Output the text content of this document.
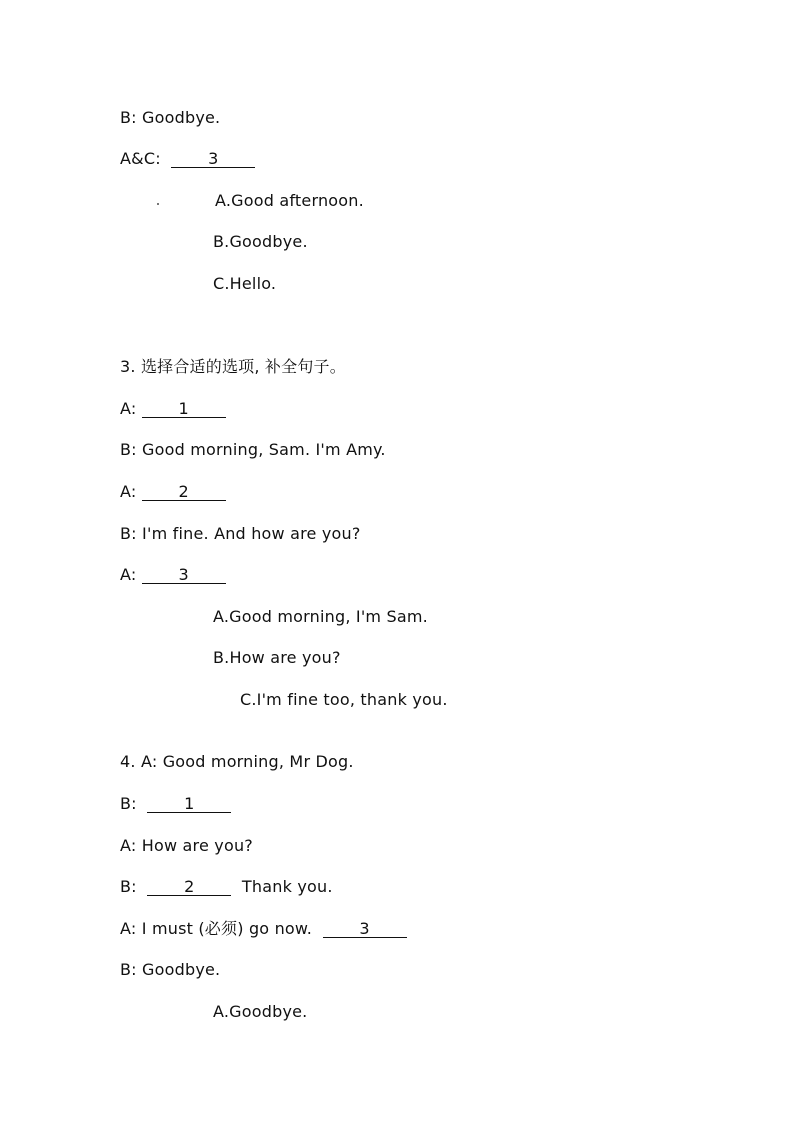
B: Goodbye.

A&C:  3

A.Good afternoon.

B.Goodbye.

C.Hello.

3. 选择合适的选项, 补全句子。

A: 1

B: Good morning, Sam. I'm Amy.

A: 2

B: I'm fine. And how are you?

A: 3

A.Good morning, I'm Sam.

B.How are you?

C.I'm fine too, thank you.

4. A: Good morning, Mr Dog.

B:  1

A: How are you?

B:  2  Thank you.

A: I must (必须) go now.  3

B: Goodbye.

A.Goodbye.
